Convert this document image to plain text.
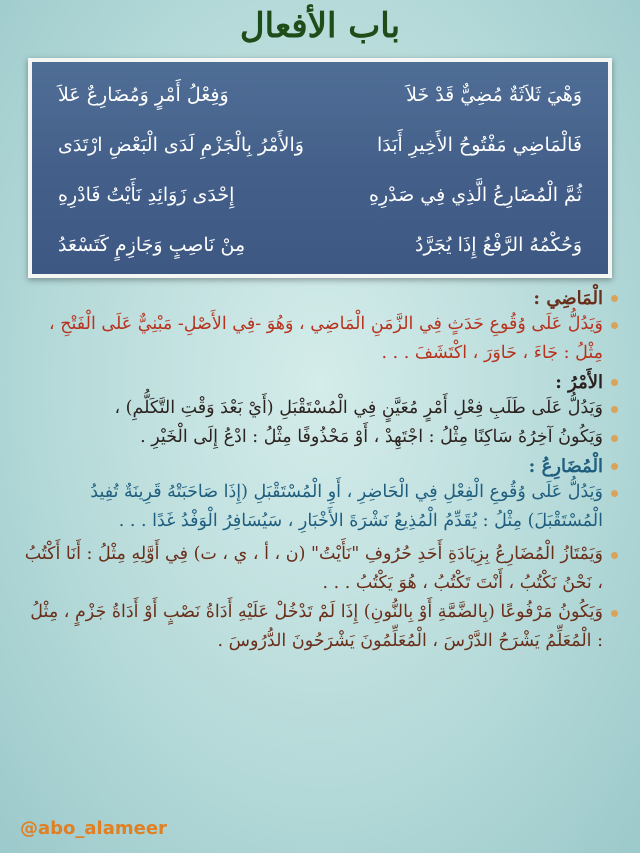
باب الأفعال
وَهْيَ ثَلاَثَةٌ مُضِيٌّ قَدْ خَلاَ
وَفِعْلُ أَمْرٍ وَمُضَارِعٌ عَلاَ
فَالْمَاضِي مَفْتُوحُ الأَخِيرِ أَبَدَا
وَالأَمْرُ بِالْجَزْمِ لَدَى الْبَعْضِ ارْتَدَى
ثُمَّ الْمُضَارِعُ الَّذِي فِي صَدْرِهِ
إِحْدَى زَوَائِدِ نَأَيْتُ فَادْرِهِ
وَحُكْمُهُ الرَّفْعُ إِذَا يُجَرَّدُ
مِنْ نَاصِبٍ وَجَازِمٍ كَتَسْعَدُ
الْمَاضِي :
وَيَدُلُّ عَلَى وُقُوعِ حَدَثٍ فِي الزَّمَنِ الْمَاضِي ، وَهُوَ -فِي الأَصْلِ- مَبْنِيٌّ عَلَى الْفَتْحِ ، مِثْلُ : جَاءَ ، حَاوَرَ ، اكْتَشَفَ . . .
الأَمْرُ :
وَيَدُلُّ عَلَى طَلَبِ فِعْلِ أَمْرٍ مُعَيَّنٍ فِي الْمُسْتَقْبَلِ (أَيْ بَعْدَ وَقْتِ التَّكَلُّمِ) ،
وَيَكُونُ آخِرُهُ سَاكِنًا مِثْلُ : اجْتَهِدْ ، أَوْ مَحْذُوفًا مِثْلُ : ادْعُ إِلَى الْخَيْرِ .
الْمُضَارِعُ :
وَيَدُلُّ عَلَى وُقُوعِ الْفِعْلِ فِي الْحَاضِرِ ، أَوِ الْمُسْتَقْبَلِ (إِذَا صَاحَبَتْهُ قَرِينَةٌ تُفِيدُ الْمُسْتَقْبَلَ) مِثْلُ : يُقَدِّمُ الْمُذِيعُ نَشْرَةَ الأَخْبَارِ ، سَيُسَافِرُ الْوَفْدُ غَدًا . . .
وَيَمْتَازُ الْمُضَارِعُ بِزِيَادَةِ أَحَدِ حُرُوفِ "نَأَيْتُ" (ن ، أ ، ي ، ت) فِي أَوَّلِهِ مِثْلُ : أَنَا أَكْتُبُ ، نَحْنُ نَكْتُبُ ، أَنْتَ تَكْتُبُ ، هُوَ يَكْتُبُ . . .
وَيَكُونُ مَرْفُوعًا (بِالضَّمَّةِ أَوْ بِالنُّونِ) إِذَا لَمْ تَدْخُلْ عَلَيْهِ أَدَاةُ نَصْبٍ أَوْ أَدَاةُ جَزْمٍ ، مِثْلُ : الْمُعَلِّمُ يَشْرَحُ الدَّرْسَ ، الْمُعَلِّمُونَ يَشْرَحُونَ الدُّرُوسَ .
@abo_alameer
